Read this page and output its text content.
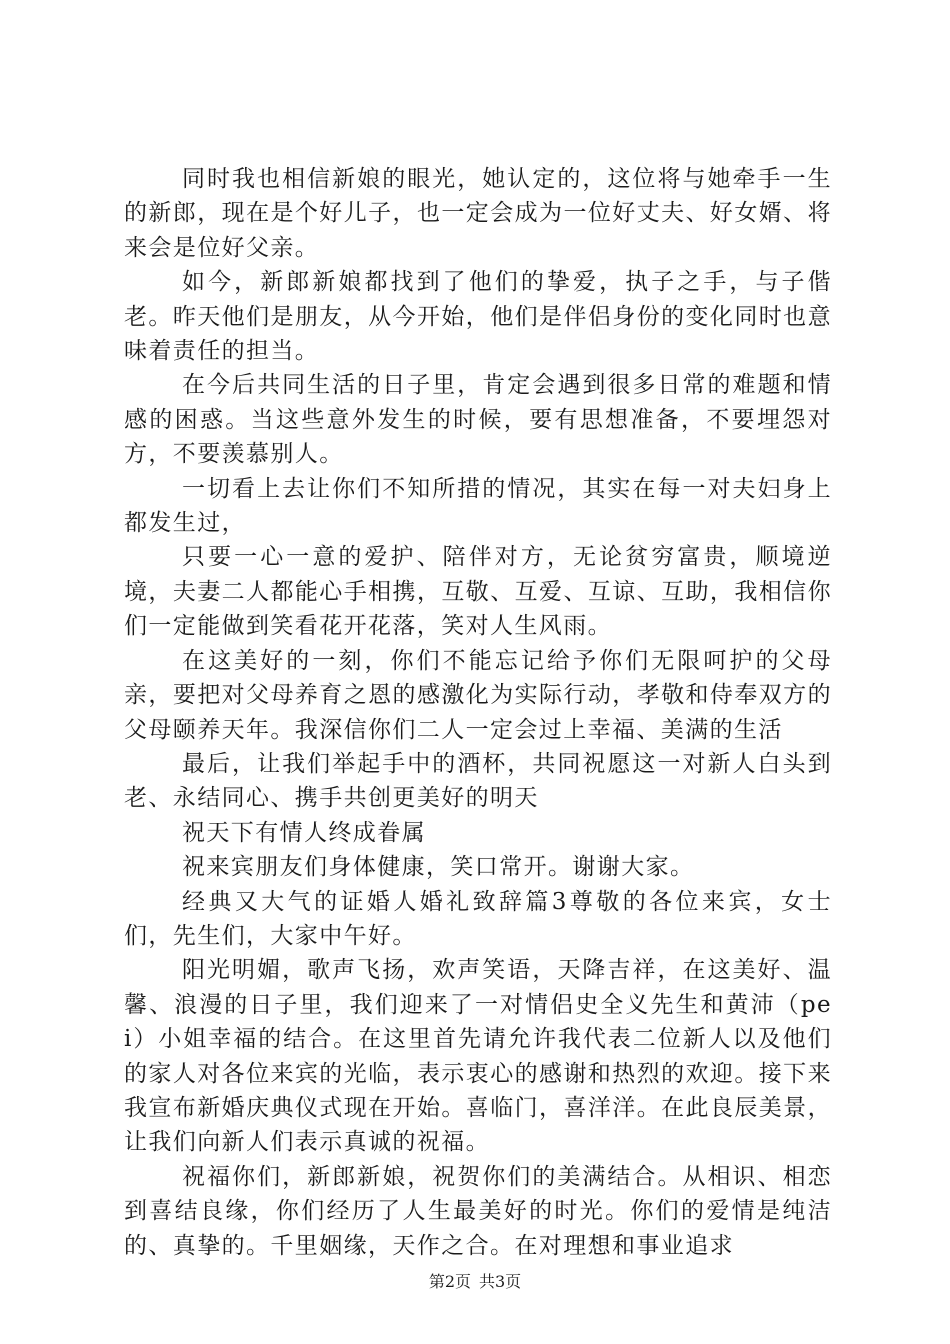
同时我也相信新娘的眼光，她认定的，这位将与她牵手一生的新郎，现在是个好儿子，也一定会成为一位好丈夫、好女婿、将来会是位好父亲。

如今，新郎新娘都找到了他们的挚爱，执子之手，与子偕老。昨天他们是朋友，从今开始，他们是伴侣身份的变化同时也意味着责任的担当。

在今后共同生活的日子里，肯定会遇到很多日常的难题和情感的困惑。当这些意外发生的时候，要有思想准备，不要埋怨对方，不要羡慕别人。

一切看上去让你们不知所措的情况，其实在每一对夫妇身上都发生过，

只要一心一意的爱护、陪伴对方，无论贫穷富贵，顺境逆境，夫妻二人都能心手相携，互敬、互爱、互谅、互助，我相信你们一定能做到笑看花开花落，笑对人生风雨。

在这美好的一刻，你们不能忘记给予你们无限呵护的父母亲，要把对父母养育之恩的感激化为实际行动，孝敬和侍奉双方的父母颐养天年。我深信你们二人一定会过上幸福、美满的生活

最后，让我们举起手中的酒杯，共同祝愿这一对新人白头到老、永结同心、携手共创更美好的明天

祝天下有情人终成眷属

祝来宾朋友们身体健康，笑口常开。谢谢大家。

经典又大气的证婚人婚礼致辞篇3尊敬的各位来宾，女士们，先生们，大家中午好。

阳光明媚，歌声飞扬，欢声笑语，天降吉祥，在这美好、温馨、浪漫的日子里，我们迎来了一对情侣史全义先生和黄沛（pei）小姐幸福的结合。在这里首先请允许我代表二位新人以及他们的家人对各位来宾的光临，表示衷心的感谢和热烈的欢迎。接下来我宣布新婚庆典仪式现在开始。喜临门，喜洋洋。在此良辰美景，让我们向新人们表示真诚的祝福。

祝福你们，新郎新娘，祝贺你们的美满结合。从相识、相恋到喜结良缘，你们经历了人生最美好的时光。你们的爱情是纯洁的、真挚的。千里姻缘，天作之合。在对理想和事业追求

第2页 共3页
